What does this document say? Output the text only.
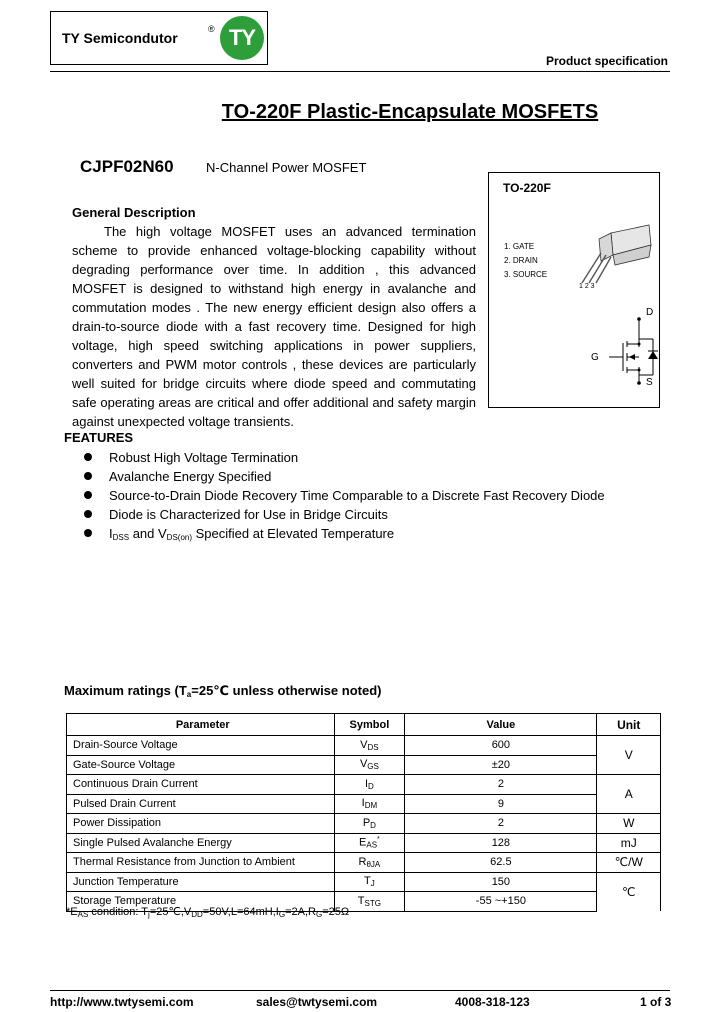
TY Semicondutor
® TY
Product specification
TO-220F Plastic-Encapsulate MOSFETS
CJPF02N60 N-Channel Power MOSFET
General Description
The high voltage MOSFET uses an advanced termination scheme to provide enhanced voltage-blocking capability without degrading performance over time. In addition , this advanced MOSFET is designed to withstand high energy in avalanche and commutation modes . The new energy efficient design also offers a drain-to-source diode with a fast recovery time. Designed for high voltage, high speed switching applications in power suppliers, converters and PWM motor controls , these devices are particularly well suited for bridge circuits where diode speed and commutating safe operating areas are critical and offer additional and safety margin against unexpected voltage transients.
TO-220F
1. GATE
2. DRAIN
3. SOURCE
1 2 3
D
G
S
FEATURES
Robust High Voltage Termination
Avalanche Energy Specified
Source-to-Drain Diode Recovery Time Comparable to a Discrete Fast Recovery Diode
Diode is Characterized for Use in Bridge Circuits
$I_{DSS}$ and $V_{DS(on)}$ Specified at Elevated Temperature
Maximum ratings ($T_a=25℃$ unless otherwise noted)
Parameter	Symbol	Value	Unit
Drain-Source Voltage	$V_{DS}$	600	V
Gate-Source Voltage	$V_{GS}$	±20	
Continuous Drain Current	$I_D$	2	A
Pulsed Drain Current	$I_{DM}$	9	
Power Dissipation	$P_D$	2	W
Single Pulsed Avalanche Energy	$E_{AS}^*$	128	mJ
Thermal Resistance from Junction to Ambient	$R_{\theta JA}$	62.5	℃/W
Junction Temperature	$T_J$	150	℃
Storage Temperature	$T_{STG}$	-55 ~+150	
$*E_{AS}$ condition: $T_j=25℃,V_{DD}=50V,L=64mH,I_G=2A,R_G=25\Omega$
http://www.twtysemi.com	sales@twtysemi.com	4008-318-123	1 of 3
